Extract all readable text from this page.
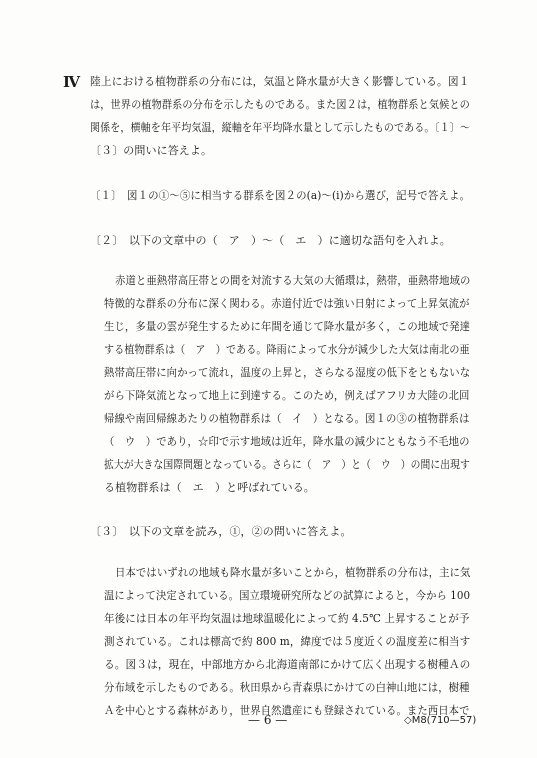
Ⅳ 陸上における植物群系の分布には，気温と降水量が大きく影響している。図１
は，世界の植物群系の分布を示したものである。また図２は，植物群系と気候との
関係を，横軸を年平均気温，縦軸を年平均降水量として示したものである。〔１〕〜
〔３〕の問いに答えよ。
〔１〕　図１の①〜⑤に相当する群系を図２の(a)〜(i)から選び，記号で答えよ。
〔２〕　以下の文章中の（　ア　）〜（　エ　）に適切な語句を入れよ。
赤道と亜熱帯高圧帯との間を対流する大気の大循環は，熱帯，亜熱帯地域の
特徴的な群系の分布に深く関わる。赤道付近では強い日射によって上昇気流が
生じ，多量の雲が発生するために年間を通じて降水量が多く，この地域で発達
する植物群系は（　ア　）である。降雨によって水分が減少した大気は南北の亜
熱帯高圧帯に向かって流れ，温度の上昇と，さらなる湿度の低下をともないな
がら下降気流となって地上に到達する。このため，例えばアフリカ大陸の北回
帰線や南回帰線あたりの植物群系は（　イ　）となる。図１の③の植物群系は
（　ウ　）であり，☆印で示す地域は近年，降水量の減少にともなう不毛地の
拡大が大きな国際問題となっている。さらに（　ア　）と（　ウ　）の間に出現す
る植物群系は（　エ　）と呼ばれている。
〔３〕　以下の文章を読み，①，②の問いに答えよ。
日本ではいずれの地域も降水量が多いことから，植物群系の分布は，主に気
温によって決定されている。国立環境研究所などの試算によると，今から 100
年後には日本の年平均気温は地球温暖化によって約 4.5℃ 上昇することが予
測されている。これは標高で約 800 m，緯度では５度近くの温度差に相当す
る。図３は，現在，中部地方から北海道南部にかけて広く出現する樹種Ａの
分布域を示したものである。秋田県から青森県にかけての白神山地には，樹種
Ａを中心とする森林があり，世界自然遺産にも登録されている。また西日本で
— 6 —	◇M8(710—57)
